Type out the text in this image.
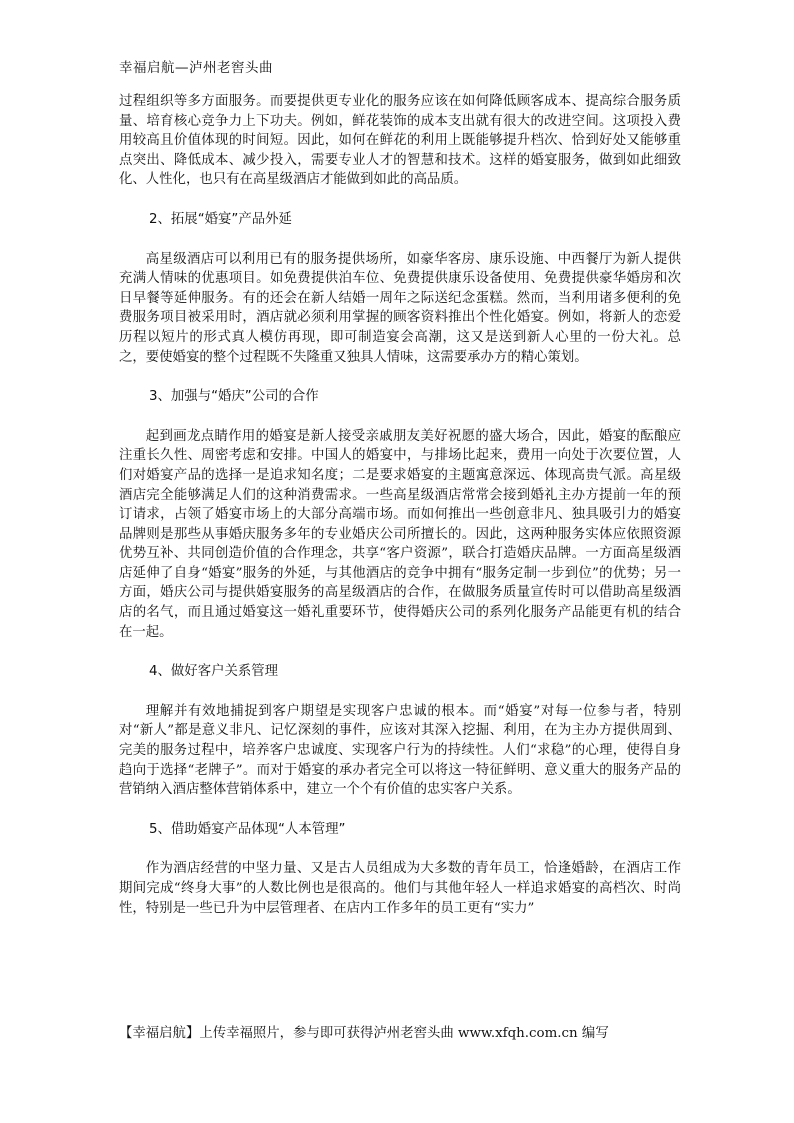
幸福启航—泸州老窖头曲

过程组织等多方面服务。而要提供更专业化的服务应该在如何降低顾客成本、提高综合服务质量、培育核心竞争力上下功夫。例如，鲜花装饰的成本支出就有很大的改进空间。这项投入费用较高且价值体现的时间短。因此，如何在鲜花的利用上既能够提升档次、恰到好处又能够重点突出、降低成本、减少投入，需要专业人才的智慧和技术。这样的婚宴服务，做到如此细致化、人性化，也只有在高星级酒店才能做到如此的高品质。

2、拓展“婚宴”产品外延

高星级酒店可以利用已有的服务提供场所，如豪华客房、康乐设施、中西餐厅为新人提供充满人情味的优惠项目。如免费提供泊车位、免费提供康乐设备使用、免费提供豪华婚房和次日早餐等延伸服务。有的还会在新人结婚一周年之际送纪念蛋糕。然而，当利用诸多便利的免费服务项目被采用时，酒店就必须利用掌握的顾客资料推出个性化婚宴。例如，将新人的恋爱历程以短片的形式真人模仿再现，即可制造宴会高潮，这又是送到新人心里的一份大礼。总之，要使婚宴的整个过程既不失隆重又独具人情味，这需要承办方的精心策划。

3、加强与“婚庆”公司的合作

起到画龙点睛作用的婚宴是新人接受亲戚朋友美好祝愿的盛大场合，因此，婚宴的酝酿应注重长久性、周密考虑和安排。中国人的婚宴中，与排场比起来，费用一向处于次要位置，人们对婚宴产品的选择一是追求知名度；二是要求婚宴的主题寓意深远、体现高贵气派。高星级酒店完全能够满足人们的这种消费需求。一些高星级酒店常常会接到婚礼主办方提前一年的预订请求，占领了婚宴市场上的大部分高端市场。而如何推出一些创意非凡、独具吸引力的婚宴品牌则是那些从事婚庆服务多年的专业婚庆公司所擅长的。因此，这两种服务实体应依照资源优势互补、共同创造价值的合作理念，共享“客户资源”，联合打造婚庆品牌。一方面高星级酒店延伸了自身“婚宴”服务的外延，与其他酒店的竞争中拥有“服务定制一步到位”的优势；另一方面，婚庆公司与提供婚宴服务的高星级酒店的合作，在做服务质量宣传时可以借助高星级酒店的名气，而且通过婚宴这一婚礼重要环节，使得婚庆公司的系列化服务产品能更有机的结合在一起。

4、做好客户关系管理

理解并有效地捕捉到客户期望是实现客户忠诚的根本。而“婚宴”对每一位参与者，特别对“新人”都是意义非凡、记忆深刻的事件，应该对其深入挖掘、利用，在为主办方提供周到、完美的服务过程中，培养客户忠诚度、实现客户行为的持续性。人们“求稳”的心理，使得自身趋向于选择“老牌子”。而对于婚宴的承办者完全可以将这一特征鲜明、意义重大的服务产品的营销纳入酒店整体营销体系中，建立一个个有价值的忠实客户关系。

5、借助婚宴产品体现“人本管理”

作为酒店经营的中坚力量、又是古人员组成为大多数的青年员工，恰逢婚龄，在酒店工作期间完成“终身大事”的人数比例也是很高的。他们与其他年轻人一样追求婚宴的高档次、时尚性，特别是一些已升为中层管理者、在店内工作多年的员工更有“实力”

【幸福启航】上传幸福照片，参与即可获得泸州老窖头曲 www.xfqh.com.cn 编写
